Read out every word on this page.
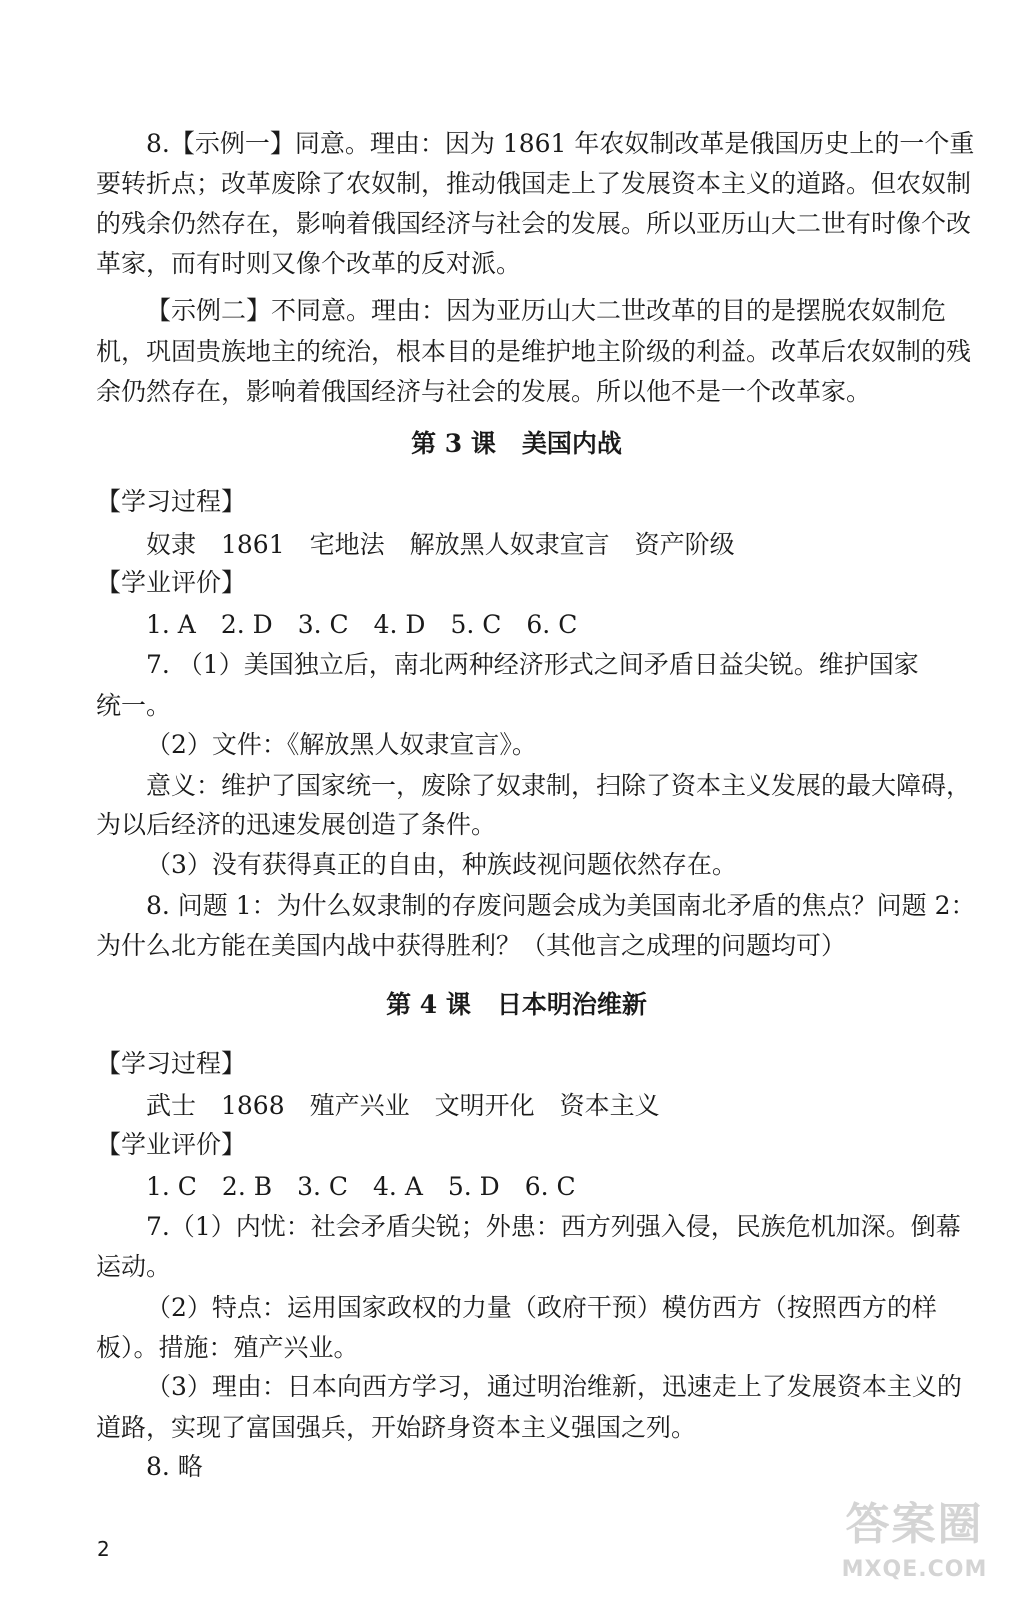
8.【示例一】同意。理由：因为 1861 年农奴制改革是俄国历史上的一个重
要转折点；改革废除了农奴制，推动俄国走上了发展资本主义的道路。但农奴制
的残余仍然存在，影响着俄国经济与社会的发展。所以亚历山大二世有时像个改
革家，而有时则又像个改革的反对派。
【示例二】不同意。理由：因为亚历山大二世改革的目的是摆脱农奴制危
机，巩固贵族地主的统治，根本目的是维护地主阶级的利益。改革后农奴制的残
余仍然存在，影响着俄国经济与社会的发展。所以他不是一个改革家。
第 3 课 美国内战
【学习过程】
奴隶　1861　宅地法　解放黑人奴隶宣言　资产阶级
【学业评价】
1. A　2. D　3. C　4. D　5. C　6. C
7. （1）美国独立后，南北两种经济形式之间矛盾日益尖锐。维护国家
统一。
（2）文件：《解放黑人奴隶宣言》。
意义：维护了国家统一，废除了奴隶制，扫除了资本主义发展的最大障碍，
为以后经济的迅速发展创造了条件。
（3）没有获得真正的自由，种族歧视问题依然存在。
8. 问题 1：为什么奴隶制的存废问题会成为美国南北矛盾的焦点？问题 2：
为什么北方能在美国内战中获得胜利？（其他言之成理的问题均可）
第 4 课 日本明治维新
【学习过程】
武士　1868　殖产兴业　文明开化　资本主义
【学业评价】
1. C　2. B　3. C　4. A　5. D　6. C
7.（1）内忧：社会矛盾尖锐；外患：西方列强入侵，民族危机加深。倒幕
运动。
（2）特点：运用国家政权的力量（政府干预）模仿西方（按照西方的样
板）。措施：殖产兴业。
（3）理由：日本向西方学习，通过明治维新，迅速走上了发展资本主义的
道路，实现了富国强兵，开始跻身资本主义强国之列。
8. 略
2	答案圈
MXQE.COM
